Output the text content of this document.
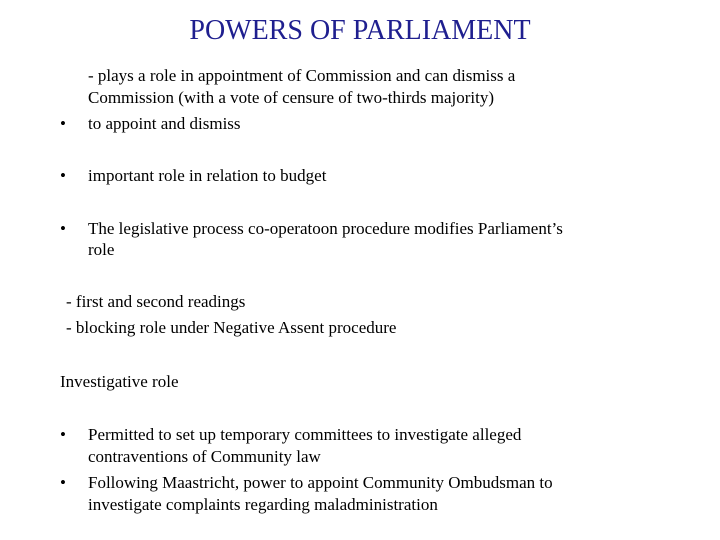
POWERS OF PARLIAMENT
- plays a role in appointment of Commission and can dismiss a
Commission (with a vote of censure of two-thirds majority)
• to appoint and dismiss
• important role in relation to budget
• The legislative process co-operatoon procedure modifies Parliament’s
role
- first and second readings
- blocking role under Negative Assent procedure
Investigative role
• Permitted to set up temporary committees to investigate alleged
contraventions of Community law
• Following Maastricht, power to appoint Community Ombudsman to
investigate complaints regarding maladministration
